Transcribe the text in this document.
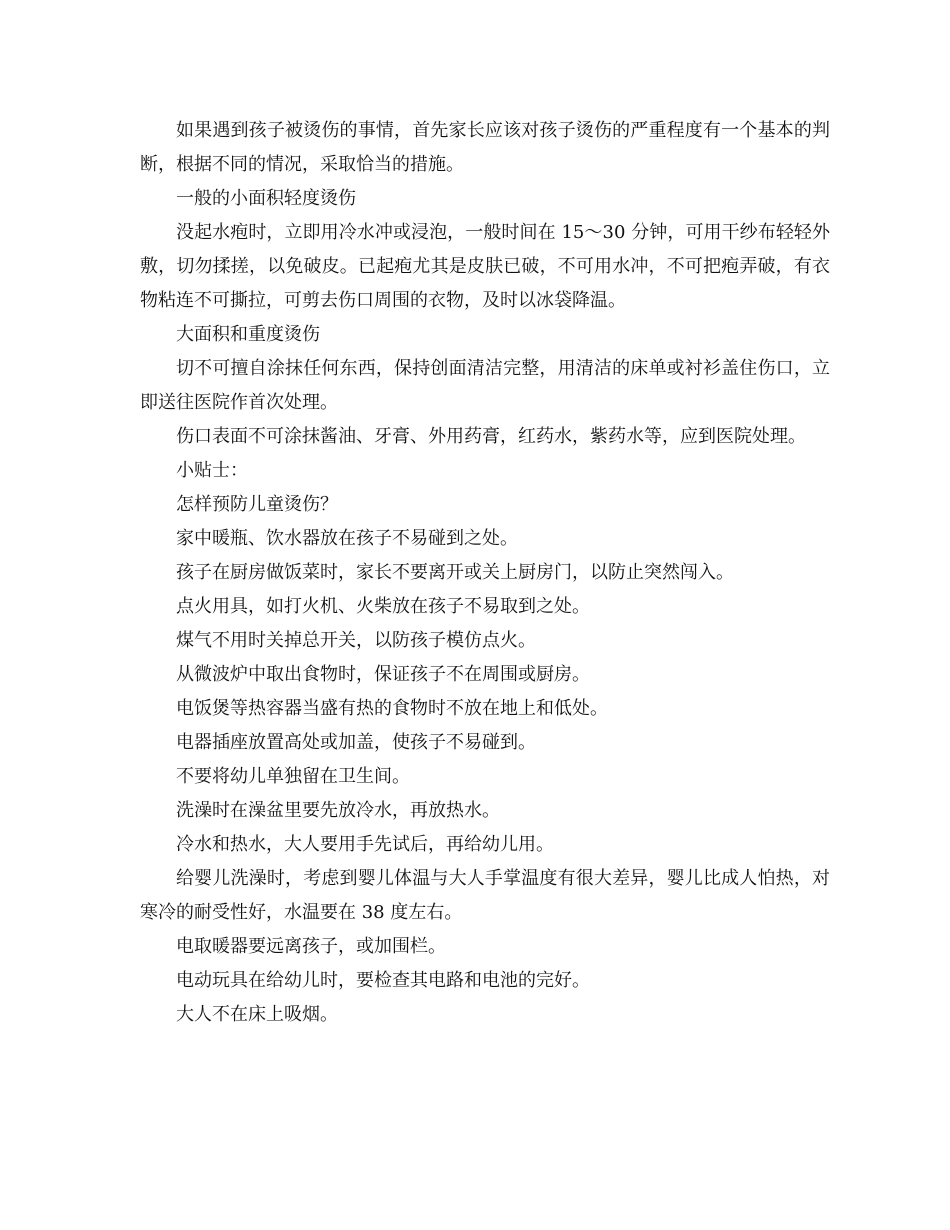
如果遇到孩子被烫伤的事情，首先家长应该对孩子烫伤的严重程度有一个基本的判断，根据不同的情况，采取恰当的措施。

一般的小面积轻度烫伤

没起水疱时，立即用冷水冲或浸泡，一般时间在 15～30 分钟，可用干纱布轻轻外敷，切勿揉搓，以免破皮。已起疱尤其是皮肤已破，不可用水冲，不可把疱弄破，有衣物粘连不可撕拉，可剪去伤口周围的衣物，及时以冰袋降温。

大面积和重度烫伤

切不可擅自涂抹任何东西，保持创面清洁完整，用清洁的床单或衬衫盖住伤口，立即送往医院作首次处理。

伤口表面不可涂抹酱油、牙膏、外用药膏，红药水，紫药水等，应到医院处理。

小贴士：

怎样预防儿童烫伤？

家中暖瓶、饮水器放在孩子不易碰到之处。

孩子在厨房做饭菜时，家长不要离开或关上厨房门，以防止突然闯入。

点火用具，如打火机、火柴放在孩子不易取到之处。

煤气不用时关掉总开关，以防孩子模仿点火。

从微波炉中取出食物时，保证孩子不在周围或厨房。

电饭煲等热容器当盛有热的食物时不放在地上和低处。

电器插座放置高处或加盖，使孩子不易碰到。

不要将幼儿单独留在卫生间。

洗澡时在澡盆里要先放冷水，再放热水。

冷水和热水，大人要用手先试后，再给幼儿用。

给婴儿洗澡时，考虑到婴儿体温与大人手掌温度有很大差异，婴儿比成人怕热，对寒冷的耐受性好，水温要在 38 度左右。

电取暖器要远离孩子，或加围栏。

电动玩具在给幼儿时，要检查其电路和电池的完好。

大人不在床上吸烟。
